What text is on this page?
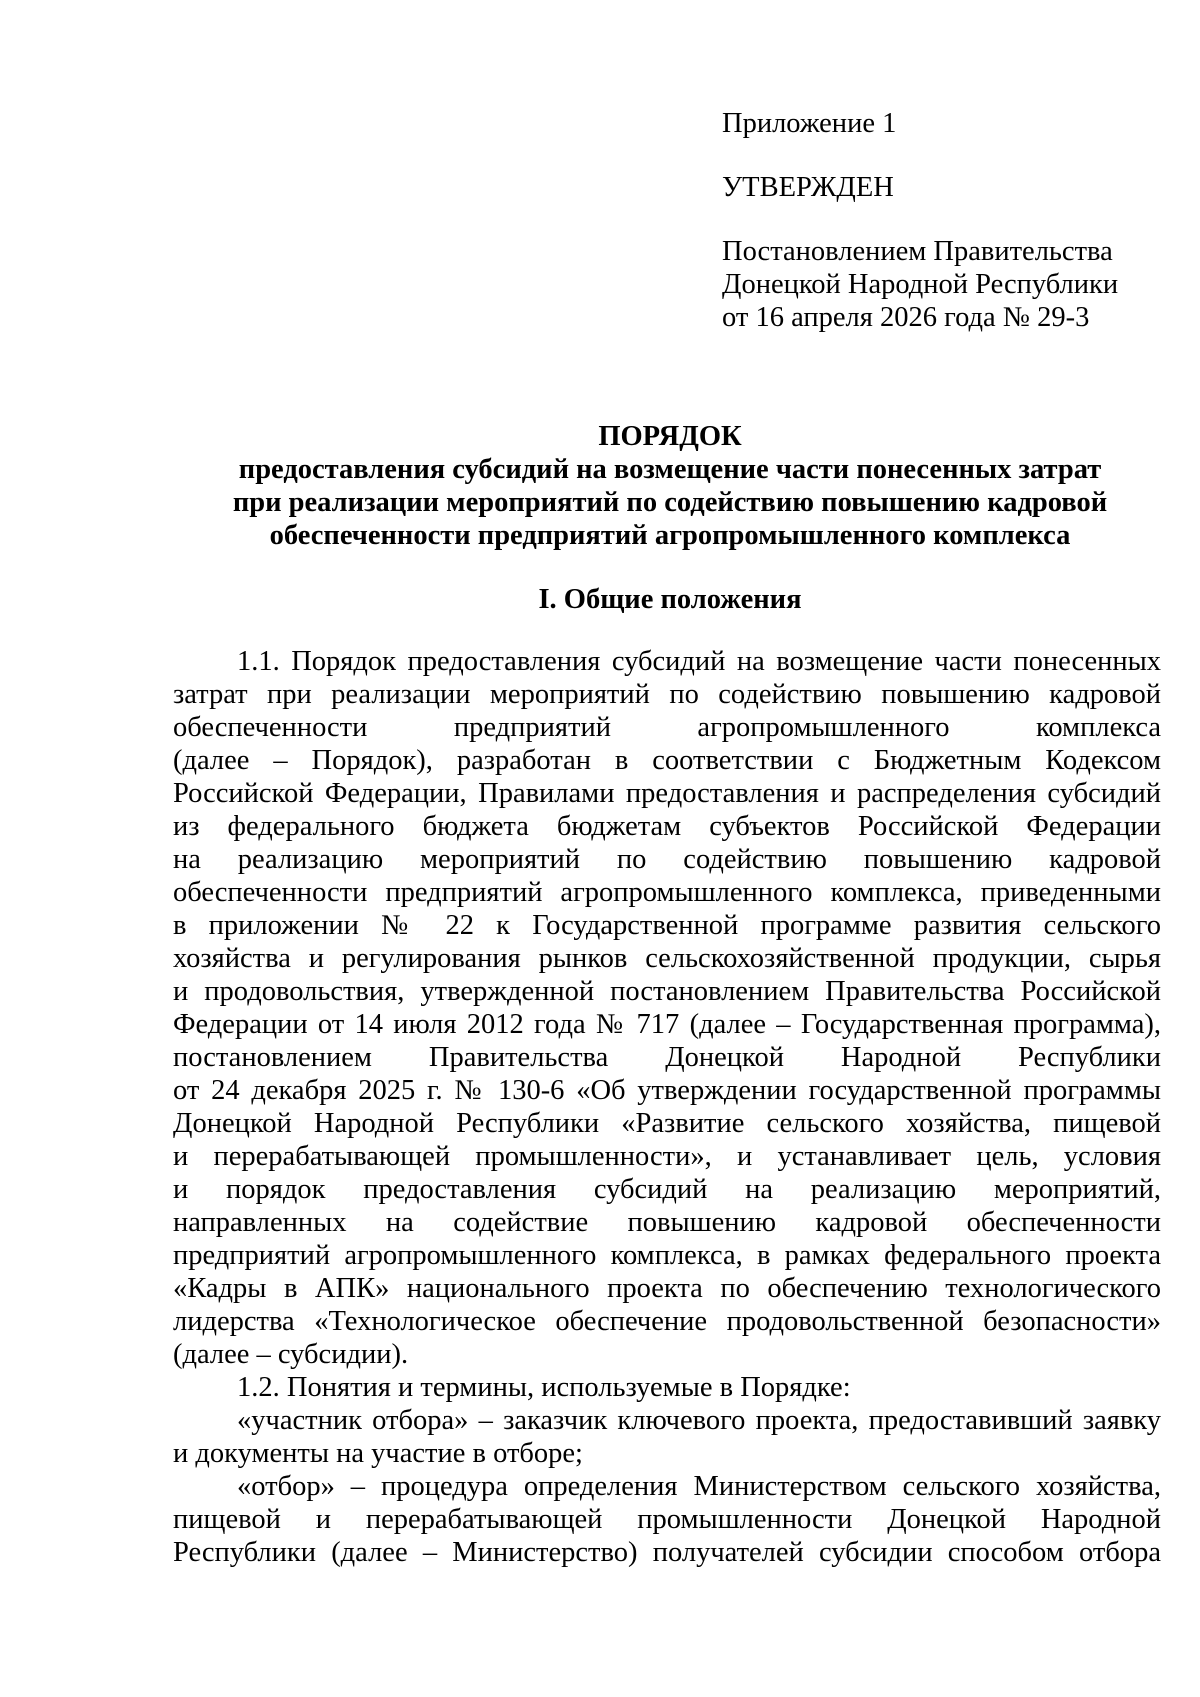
Приложение 1
УТВЕРЖДЕН
Постановлением Правительства
Донецкой Народной Республики
от 16 апреля 2026 года № 29-3
ПОРЯДОК
предоставления субсидий на возмещение части понесенных затрат
при реализации мероприятий по содействию повышению кадровой
обеспеченности предприятий агропромышленного комплекса
I. Общие положения
1.1. Порядок предоставления субсидий на возмещение части понесенных
затрат при реализации мероприятий по содействию повышению кадровой
обеспеченности предприятий агропромышленного комплекса
(далее – Порядок), разработан в соответствии с Бюджетным Кодексом
Российской Федерации, Правилами предоставления и распределения субсидий
из федерального бюджета бюджетам субъектов Российской Федерации
на реализацию мероприятий по содействию повышению кадровой
обеспеченности предприятий агропромышленного комплекса, приведенными
в приложении № 22 к Государственной программе развития сельского
хозяйства и регулирования рынков сельскохозяйственной продукции, сырья
и продовольствия, утвержденной постановлением Правительства Российской
Федерации от 14 июля 2012 года № 717 (далее – Государственная программа),
постановлением Правительства Донецкой Народной Республики
от 24 декабря 2025 г. № 130-6 «Об утверждении государственной программы
Донецкой Народной Республики «Развитие сельского хозяйства, пищевой
и перерабатывающей промышленности», и устанавливает цель, условия
и порядок предоставления субсидий на реализацию мероприятий,
направленных на содействие повышению кадровой обеспеченности
предприятий агропромышленного комплекса, в рамках федерального проекта
«Кадры в АПК» национального проекта по обеспечению технологического
лидерства «Технологическое обеспечение продовольственной безопасности»
(далее – субсидии).
1.2. Понятия и термины, используемые в Порядке:
«участник отбора» – заказчик ключевого проекта, предоставивший заявку
и документы на участие в отборе;
«отбор» – процедура определения Министерством сельского хозяйства,
пищевой и перерабатывающей промышленности Донецкой Народной
Республики (далее – Министерство) получателей субсидии способом отбора
